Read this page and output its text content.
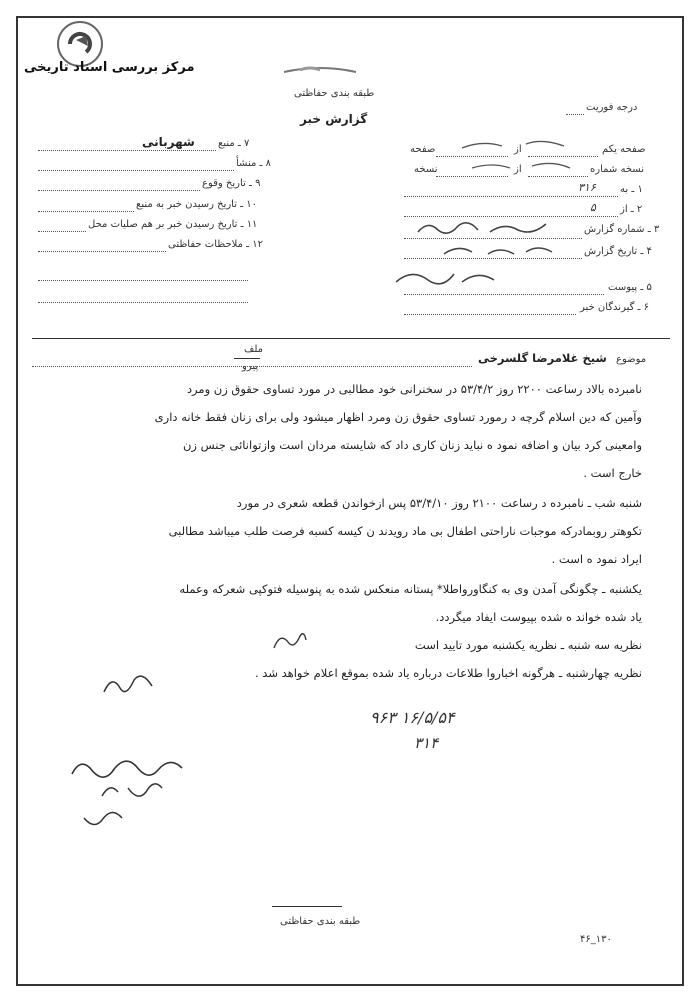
مرکز بررسی اسناد تاریخی
طبقه بندی حفاظتی
گزارش خبر
درجه فوریت
۷ ـ منبع
شهربانی
۸ ـ منشأ
۹ ـ تاریخ وقوع
۱۰ ـ تاریخ رسیدن خبر به منبع
۱۱ ـ تاریخ رسیدن خبر بر هم صلیات محل
۱۲ ـ ملاحظات حفاظتی
صفحه یکم
از
صفحه
نسخه شماره
از
نسخه
۱ ـ به
۳۱۶
۲ ـ از
۵
۳ ـ شماره گزارش
۴ ـ تاریخ گزارش
۵ ـ پیوست
۶ ـ گیرندگان خبر
ملف
پیرو
موضوع
شیخ غلامرضا گلسرخی
نامبرده بالاد رساعت ۲۲۰۰ روز ۵۳/۴/۲ در سخنرانی خود مطالبی در مورد تساوی حقوق زن ومرد
وآمین که دین اسلام گرچه د رمورد تساوی حقوق زن ومرد اظهار میشود ولی برای زنان فقط خانه داری
وامعینی کرد بیان و اضافه نمود ه نباید زنان کاری داد که شایسته مردان است وازتوانائی جنس زن
خارج است .
شنبه شب ـ نامبرده د رساعت ۲۱۰۰ روز ۵۳/۴/۱۰ پس ازخواندن قطعه شعری در مورد
تکوهتر روبمادرکه موجبات ناراحتی اطفال بی ماد رویدند ن کیسه کسبه فرصت طلب میباشد مطالبی
ایراد نمود ه است .
یکشنبه ـ چگونگی آمدن وی به کنگاورواطلا* پستانه منعکس شده به پنوسیله فتوکپی شعرکه وعمله
یاد شده خواند ه شده بپیوست ایفاد میگردد.
نظریه سه شنبه ـ نظریه یکشنبه مورد تایید است
نظریه چهارشنبه ـ هرگونه اخباروا طلاعات درباره یاد شده بموقع اعلام خواهد شد .
۹۶۳ ۱۶/۵/۵۴
۳۱۴
طبقه بندی حفاظتی
۴۶_۱۳۰
